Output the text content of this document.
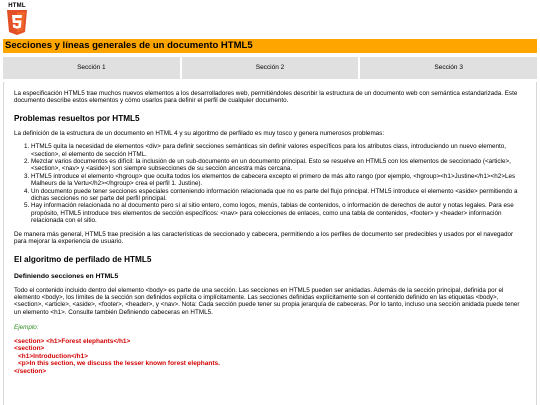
HTML
Secciones y líneas generales de un documento HTML5
Sección 1	Sección 2	Sección 3

La especificación HTML5 trae muchos nuevos elementos a los desarrolladores web, permitiéndoles describir la estructura de un documento web con semántica estandarizada. Este documento describe estos elementos y cómo usarlos para definir el perfil de cualquier documento.

Problemas resueltos por HTML5

La definición de la estructura de un documento en HTML 4 y su algoritmo de perfilado es muy tosco y genera numerosos problemas:

1. HTML5 quita la necesidad de elementos <div> para definir secciones semánticas sin definir valores específicos para los atributos class, introduciendo un nuevo elemento, <section>, el elemento de sección HTML.
2. Mezclar varios documentos es difícil: la inclusión de un sub-documento en un documento principal. Esto se resuelve en HTML5 con los elementos de seccionado (<article>, <section>, <nav> y <aside>) son siempre subsecciones de su sección ancestra más cercana.
3. HTML5 introduce el elemento <hgroup> que oculta todos los elementos de cabecera excepto el primero de más alto rango (por ejemplo, <hgroup><h1>Justine</h1><h2>Les Malheurs de la Vertu</h2></hgroup> crea el perfil 1. Justine).
4. Un documento puede tener secciones especiales conteniendo información relacionada que no es parte del flujo principal. HTML5 introduce el elemento <aside> permitiendo a dichas secciones no ser parte del perfil principal.
5. Hay información relacionada no al documento pero sí al sitio entero, como logos, menús, tablas de contenidos, o información de derechos de autor y notas legales. Para ese propósito, HTML5 introduce tres elementos de sección específicos: <nav> para colecciones de enlaces, como una tabla de contenidos, <footer> y <header> información relacionada con el sitio.

De manera más general, HTML5 trae precisión a las características de seccionado y cabecera, permitiendo a los perfiles de documento ser predecibles y usados por el navegador para mejorar la experiencia de usuario.

El algoritmo de perfilado de HTML5
Definiendo secciones en HTML5

Todo el contenido incluido dentro del elemento <body> es parte de una sección. Las secciones en HTML5 pueden ser anidadas. Además de la sección principal, definida por el elemento <body>, los límites de la sección son definidos explícita o implícitamente. Las secciones definidas explícitamente son el contenido definido en las etiquetas <body>, <section>, <article>, <aside>, <footer>, <header>, y <nav>. Nota: Cada sección puede tener su propia jerarquía de cabeceras. Por lo tanto, incluso una sección anidada puede tener un elemento <h1>. Consulte también Definiendo cabeceras en HTML5.

Ejemplo:
<section> <h1>Forest elephants</h1>
<section>
<h1>Introduction</h1>
<p>In this section, we discuss the lesser known forest elephants.
</section>
